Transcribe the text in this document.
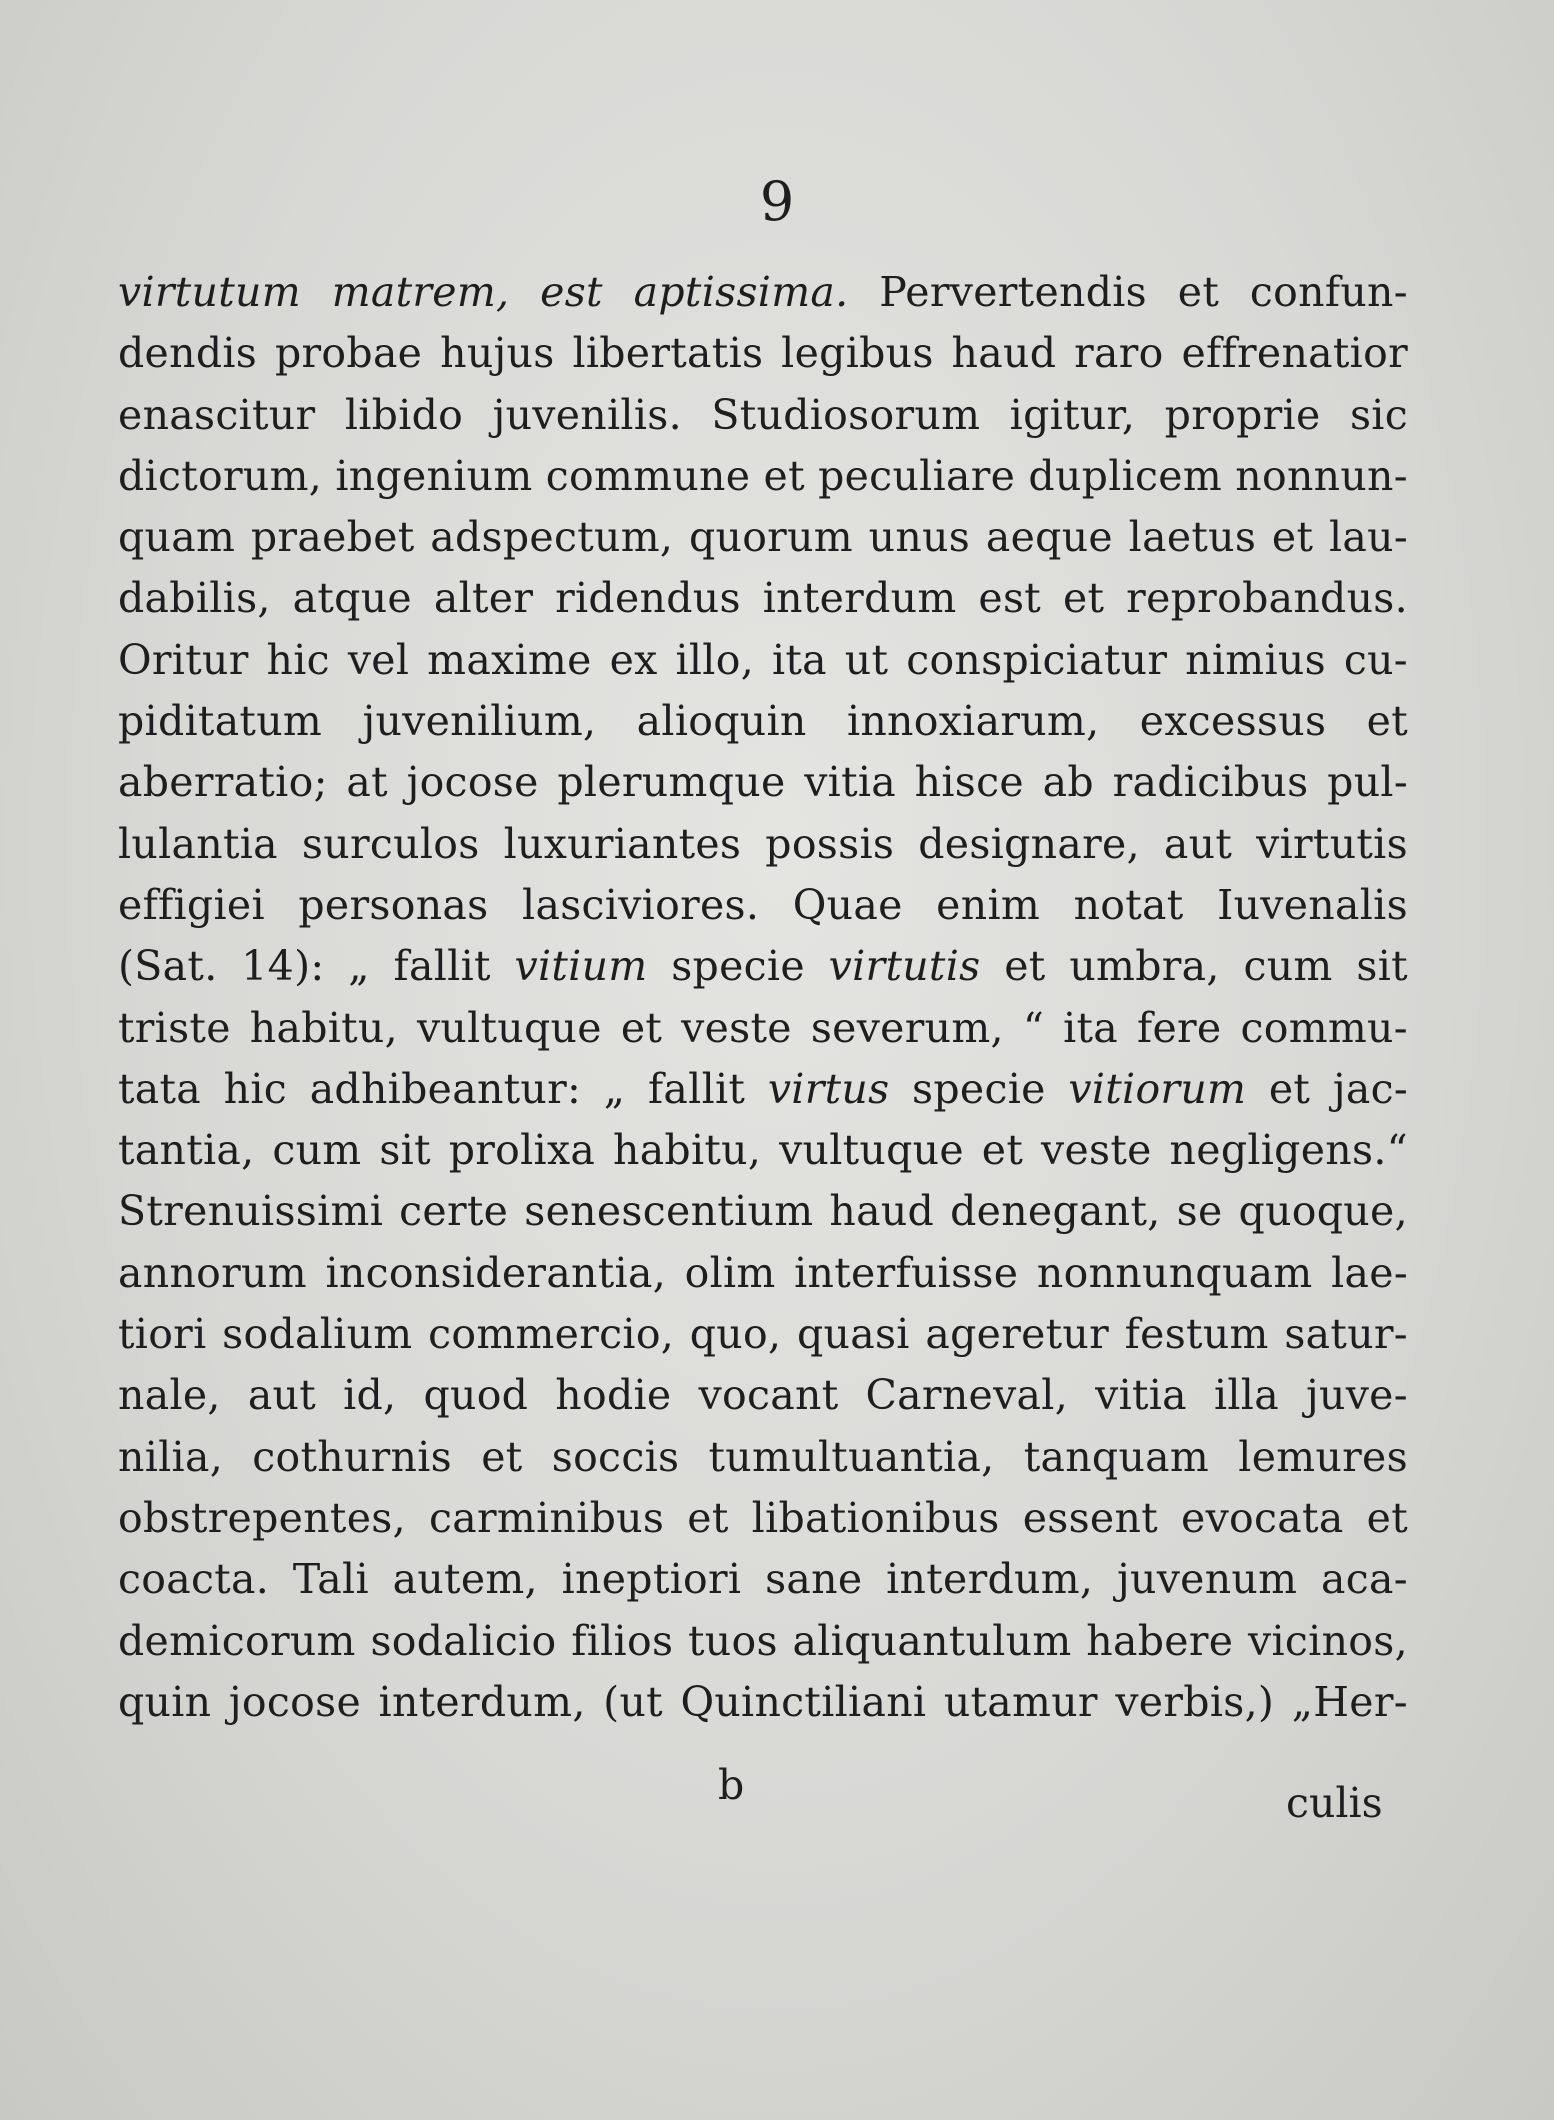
9
virtutum matrem, est aptissima. Pervertendis et confun-
dendis probae hujus libertatis legibus haud raro effrenatior
enascitur libido juvenilis. Studiosorum igitur, proprie sic
dictorum, ingenium commune et peculiare duplicem nonnun-
quam praebet adspectum, quorum unus aeque laetus et lau-
dabilis, atque alter ridendus interdum est et reprobandus.
Oritur hic vel maxime ex illo, ita ut conspiciatur nimius cu-
piditatum juvenilium, alioquin innoxiarum, excessus et
aberratio; at jocose plerumque vitia hisce ab radicibus pul-
lulantia surculos luxuriantes possis designare, aut virtutis
effigiei personas lasciviores. Quae enim notat Iuvenalis
(Sat. 14): „ fallit vitium specie virtutis et umbra, cum sit
triste habitu, vultuque et veste severum, “ ita fere commu-
tata hic adhibeantur: „ fallit virtus specie vitiorum et jac-
tantia, cum sit prolixa habitu, vultuque et veste negligens.“
Strenuissimi certe senescentium haud denegant, se quoque,
annorum inconsiderantia, olim interfuisse nonnunquam lae-
tiori sodalium commercio, quo, quasi ageretur festum satur-
nale, aut id, quod hodie vocant Carneval, vitia illa juve-
nilia, cothurnis et soccis tumultuantia, tanquam lemures
obstrepentes, carminibus et libationibus essent evocata et
coacta. Tali autem, ineptiori sane interdum, juvenum aca-
demicorum sodalicio filios tuos aliquantulum habere vicinos,
quin jocose interdum, (ut Quinctiliani utamur verbis,) „Her-
b	culis
